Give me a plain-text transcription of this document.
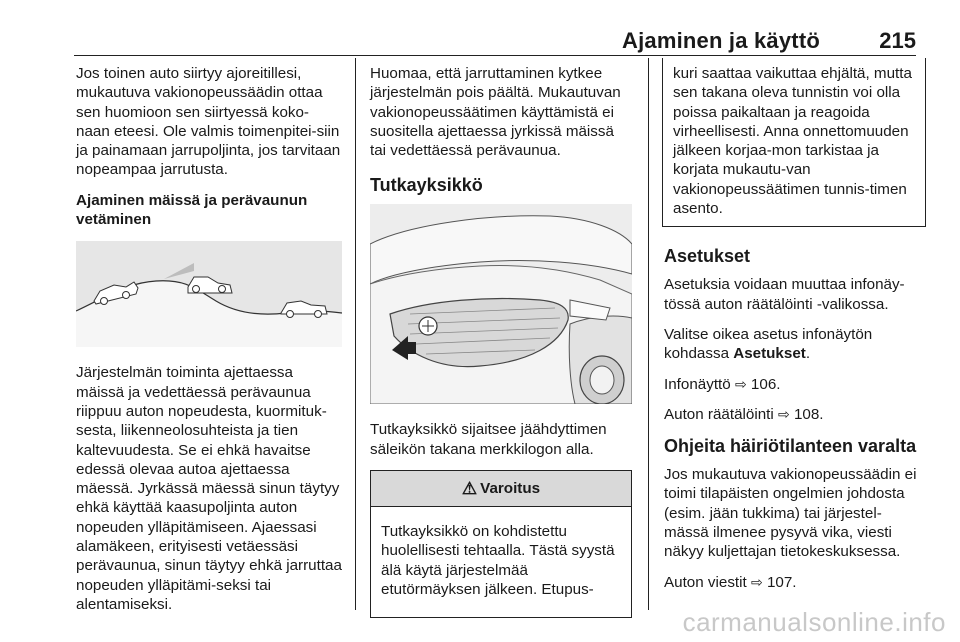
Ajaminen ja käyttö	215

Jos toinen auto siirtyy ajoreitillesi, mukautuva vakionopeussäädin ottaa sen huomioon sen siirtyessä koko-naan eteesi. Ole valmis toimenpitei-siin ja painamaan jarrupoljinta, jos tarvitaan nopeampaa jarrutusta.

Ajaminen mäissä ja perävaunun vetäminen

Järjestelmän toiminta ajettaessa mäissä ja vedettäessä perävaunua riippuu auton nopeudesta, kuormituk-sesta, liikenneolosuhteista ja tien kaltevuudesta. Se ei ehkä havaitse edessä olevaa autoa ajettaessa mäessä. Jyrkässä mäessä sinun täytyy ehkä käyttää kaasupoljinta auton nopeuden ylläpitämiseen. Ajaessasi alamäkeen, erityisesti vetäessäsi perävaunua, sinun täytyy ehkä jarruttaa nopeuden ylläpitämi-seksi tai alentamiseksi.

Huomaa, että jarruttaminen kytkee järjestelmän pois päältä. Mukautuvan vakionopeussäätimen käyttämistä ei suositella ajettaessa jyrkissä mäissä tai vedettäessä perävaunua.

Tutkayksikkö

Tutkayksikkö sijaitsee jäähdyttimen säleikön takana merkkilogon alla.

⚠ Varoitus
Tutkayksikkö on kohdistettu huolellisesti tehtaalla. Tästä syystä älä käytä järjestelmää etutörmäyksen jälkeen. Etupus-

kuri saattaa vaikuttaa ehjältä, mutta sen takana oleva tunnistin voi olla poissa paikaltaan ja reagoida virheellisesti. Anna onnettomuuden jälkeen korjaa-mon tarkistaa ja korjata mukautu-van vakionopeussäätimen tunnis-timen asento.

Asetukset

Asetuksia voidaan muuttaa infonäy-tössä auton räätälöinti -valikossa.

Valitse oikea asetus infonäytön kohdassa Asetukset.

Infonäyttö ⇨ 106.

Auton räätälöinti ⇨ 108.

Ohjeita häiriötilanteen varalta

Jos mukautuva vakionopeussäädin ei toimi tilapäisten ongelmien johdosta (esim. jään tukkima) tai järjestel-mässä ilmenee pysyvä vika, viesti näkyy kuljettajan tietokeskuksessa.

Auton viestit ⇨ 107.

carmanualsonline.info
